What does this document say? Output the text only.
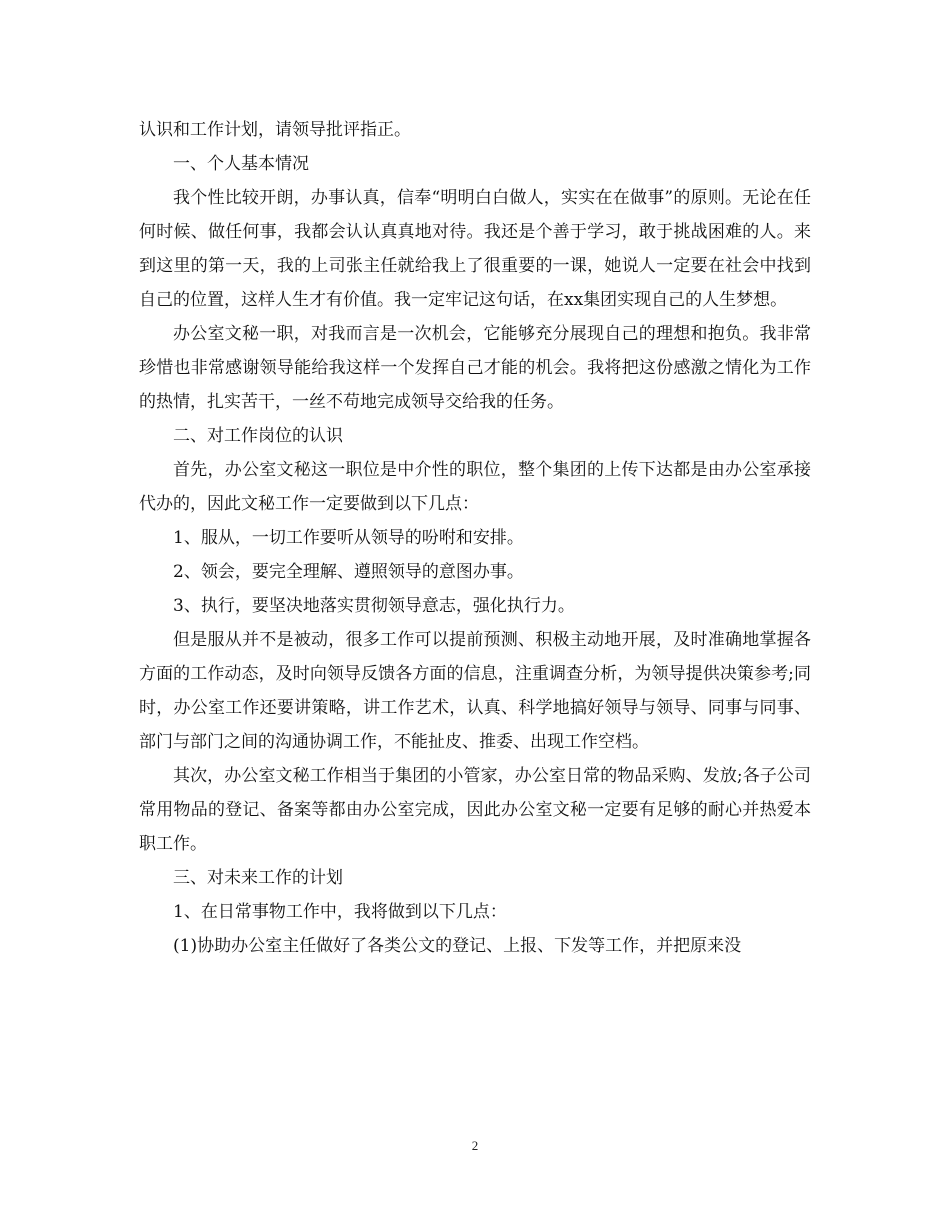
认识和工作计划，请领导批评指正。

一、个人基本情况

我个性比较开朗，办事认真，信奉“明明白白做人，实实在在做事”的原则。无论在任何时候、做任何事，我都会认认真真地对待。我还是个善于学习，敢于挑战困难的人。来到这里的第一天，我的上司张主任就给我上了很重要的一课，她说人一定要在社会中找到自己的位置，这样人生才有价值。我一定牢记这句话，在xx集团实现自己的人生梦想。

办公室文秘一职，对我而言是一次机会，它能够充分展现自己的理想和抱负。我非常珍惜也非常感谢领导能给我这样一个发挥自己才能的机会。我将把这份感激之情化为工作的热情，扎实苦干，一丝不苟地完成领导交给我的任务。

二、对工作岗位的认识

首先，办公室文秘这一职位是中介性的职位，整个集团的上传下达都是由办公室承接代办的，因此文秘工作一定要做到以下几点：

1、服从，一切工作要听从领导的吩咐和安排。

2、领会，要完全理解、遵照领导的意图办事。

3、执行，要坚决地落实贯彻领导意志，强化执行力。

但是服从并不是被动，很多工作可以提前预测、积极主动地开展，及时准确地掌握各方面的工作动态，及时向领导反馈各方面的信息，注重调查分析，为领导提供决策参考;同时，办公室工作还要讲策略，讲工作艺术，认真、科学地搞好领导与领导、同事与同事、部门与部门之间的沟通协调工作，不能扯皮、推委、出现工作空档。

其次，办公室文秘工作相当于集团的小管家，办公室日常的物品采购、发放;各子公司常用物品的登记、备案等都由办公室完成，因此办公室文秘一定要有足够的耐心并热爱本职工作。

三、对未来工作的计划

1、在日常事物工作中，我将做到以下几点：

(1)协助办公室主任做好了各类公文的登记、上报、下发等工作，并把原来没

2
